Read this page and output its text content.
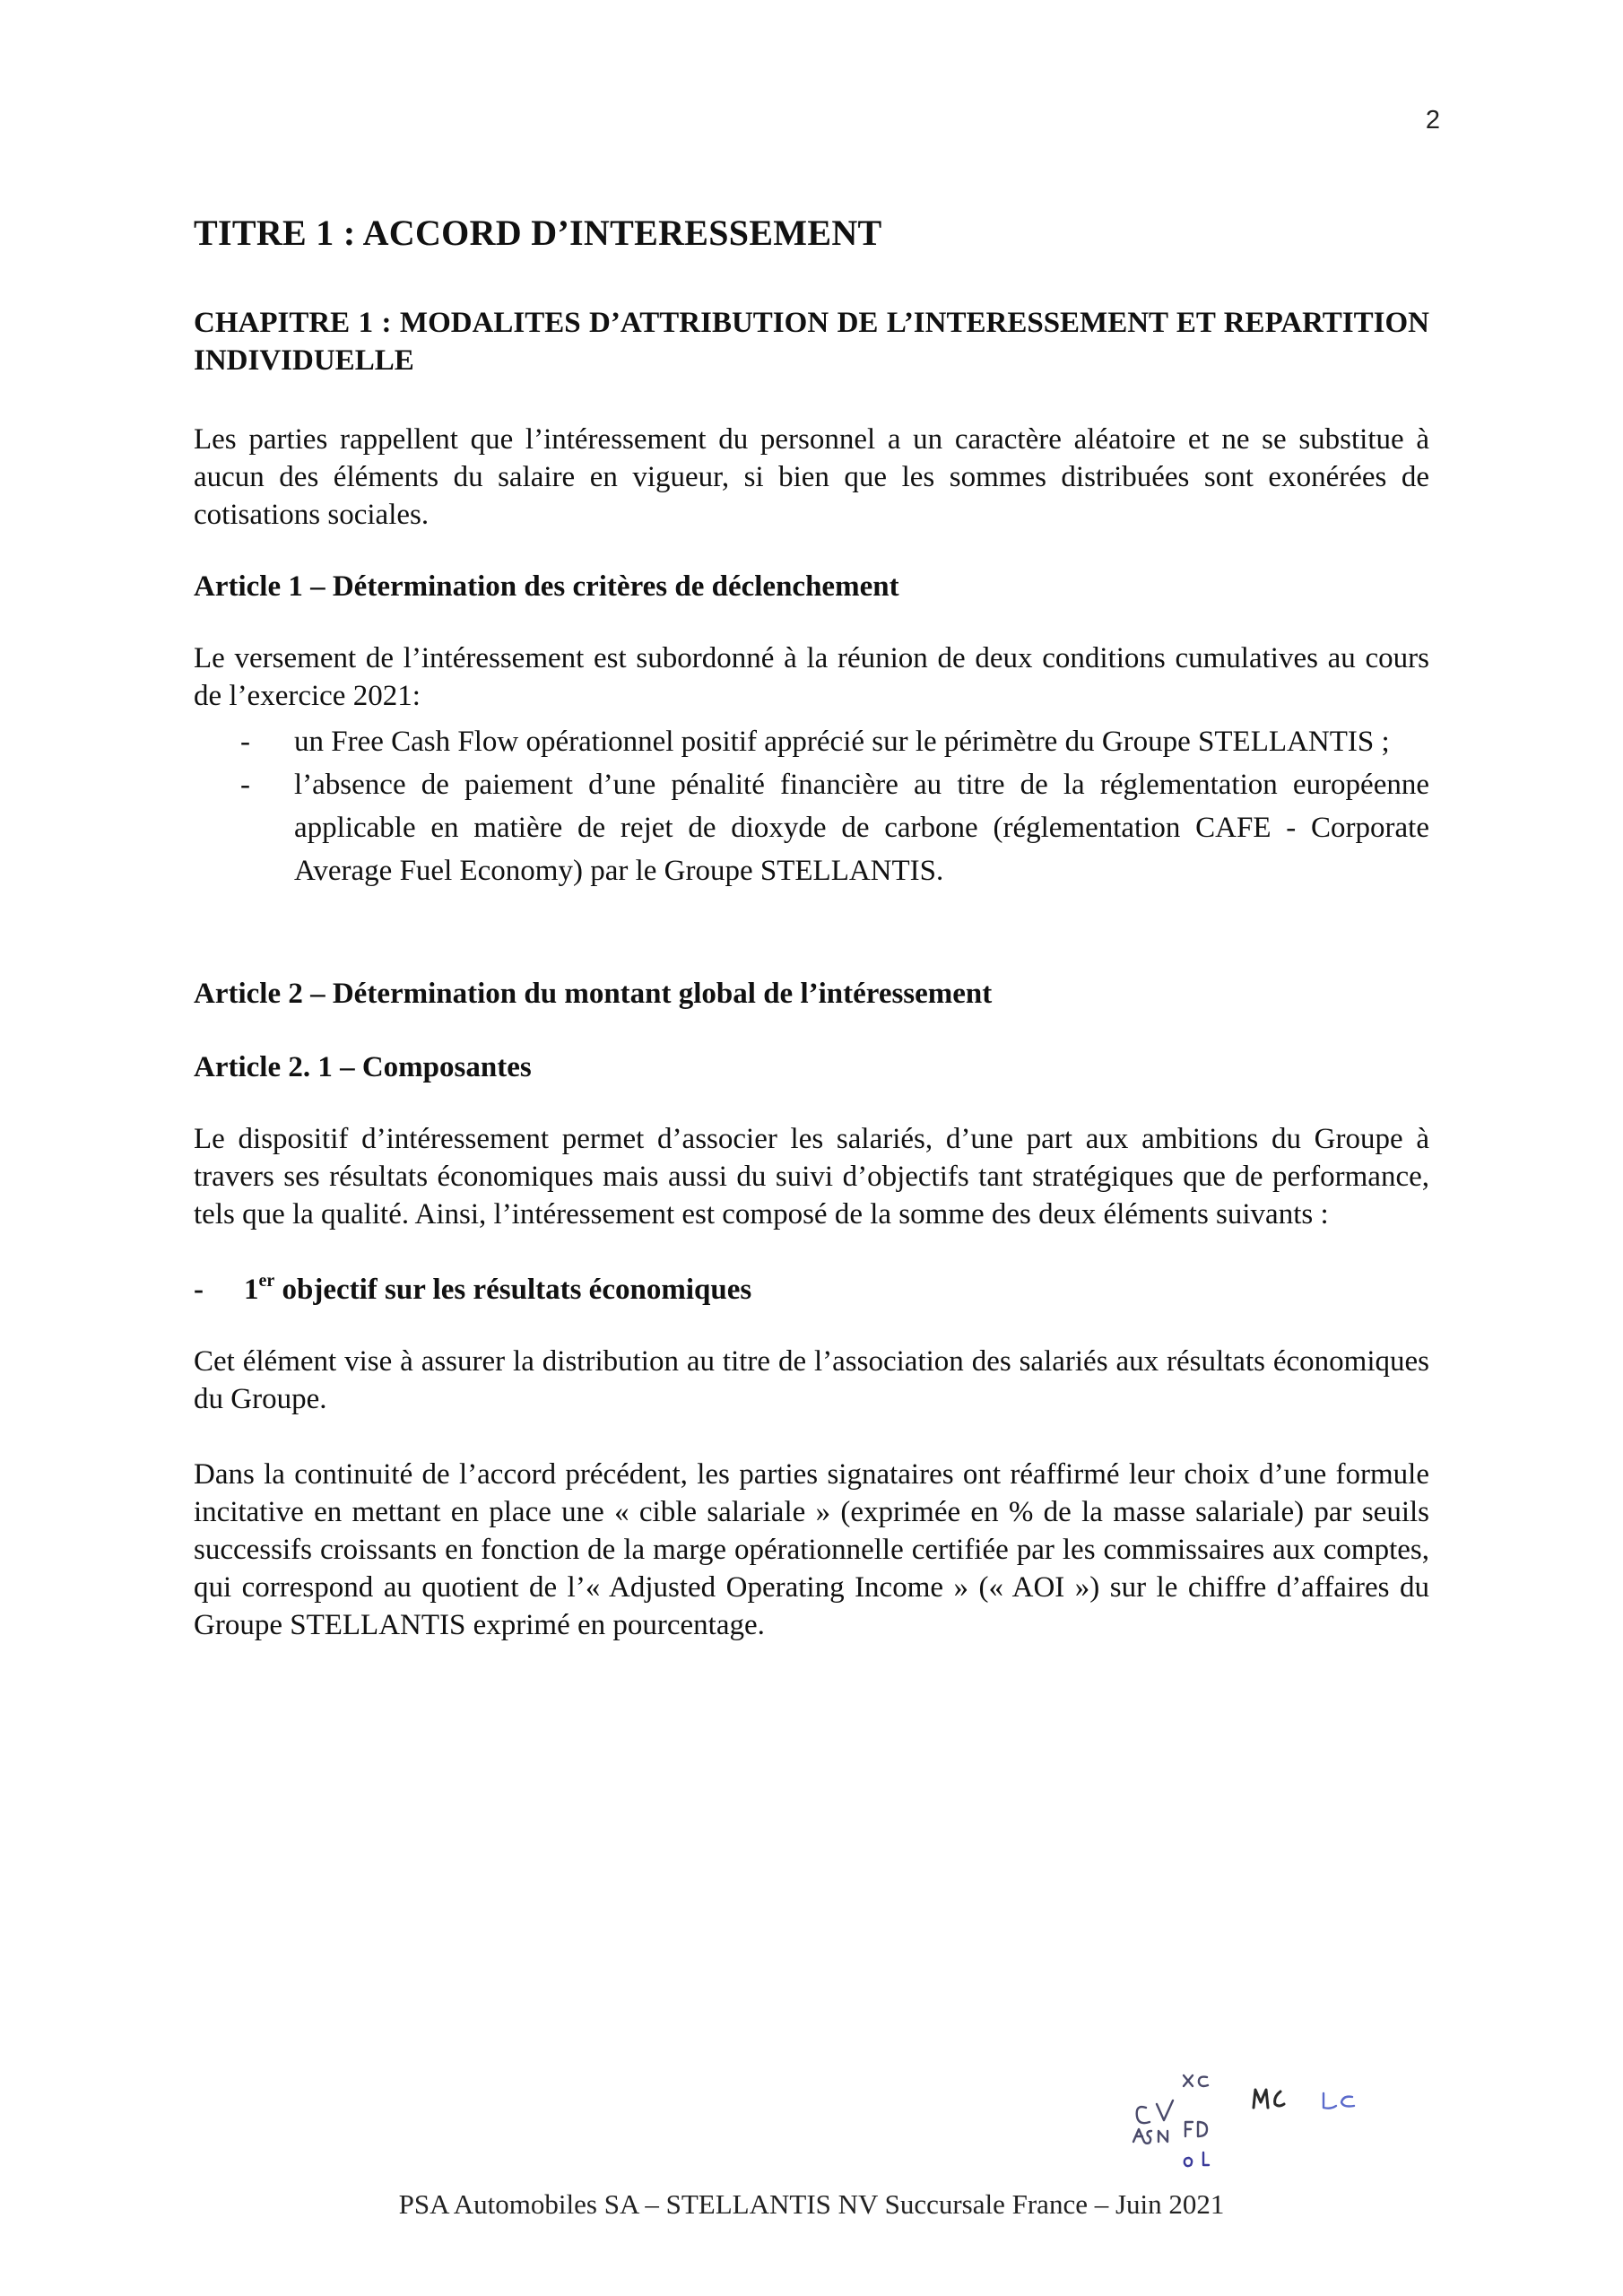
2
TITRE 1 : ACCORD D’INTERESSEMENT
CHAPITRE 1 : MODALITES D’ATTRIBUTION DE L’INTERESSEMENT ET REPARTITION INDIVIDUELLE

Les parties rappellent que l’intéressement du personnel a un caractère aléatoire et ne se substitue à aucun des éléments du salaire en vigueur, si bien que les sommes distribuées sont exonérées de cotisations sociales.

Article 1 – Détermination des critères de déclenchement

Le versement de l’intéressement est subordonné à la réunion de deux conditions cumulatives au cours de l’exercice 2021:

- un Free Cash Flow opérationnel positif apprécié sur le périmètre du Groupe STELLANTIS ;
- l’absence de paiement d’une pénalité financière au titre de la réglementation européenne applicable en matière de rejet de dioxyde de carbone (réglementation CAFE - Corporate Average Fuel Economy) par le Groupe STELLANTIS.
Article 2 – Détermination du montant global de l’intéressement
Article 2. 1 – Composantes

Le dispositif d’intéressement permet d’associer les salariés, d’une part aux ambitions du Groupe à travers ses résultats économiques mais aussi du suivi d’objectifs tant stratégiques que de performance, tels que la qualité. Ainsi, l’intéressement est composé de la somme des deux éléments suivants :

- 1er objectif sur les résultats économiques

Cet élément vise à assurer la distribution au titre de l’association des salariés aux résultats économiques du Groupe.

Dans la continuité de l’accord précédent, les parties signataires ont réaffirmé leur choix d’une formule incitative en mettant en place une « cible salariale » (exprimée en % de la masse salariale) par seuils successifs croissants en fonction de la marge opérationnelle certifiée par les commissaires aux comptes, qui correspond au quotient de l’« Adjusted Operating Income » (« AOI ») sur le chiffre d’affaires du Groupe STELLANTIS exprimé en pourcentage.

PSA Automobiles SA – STELLANTIS NV Succursale France – Juin 2021
